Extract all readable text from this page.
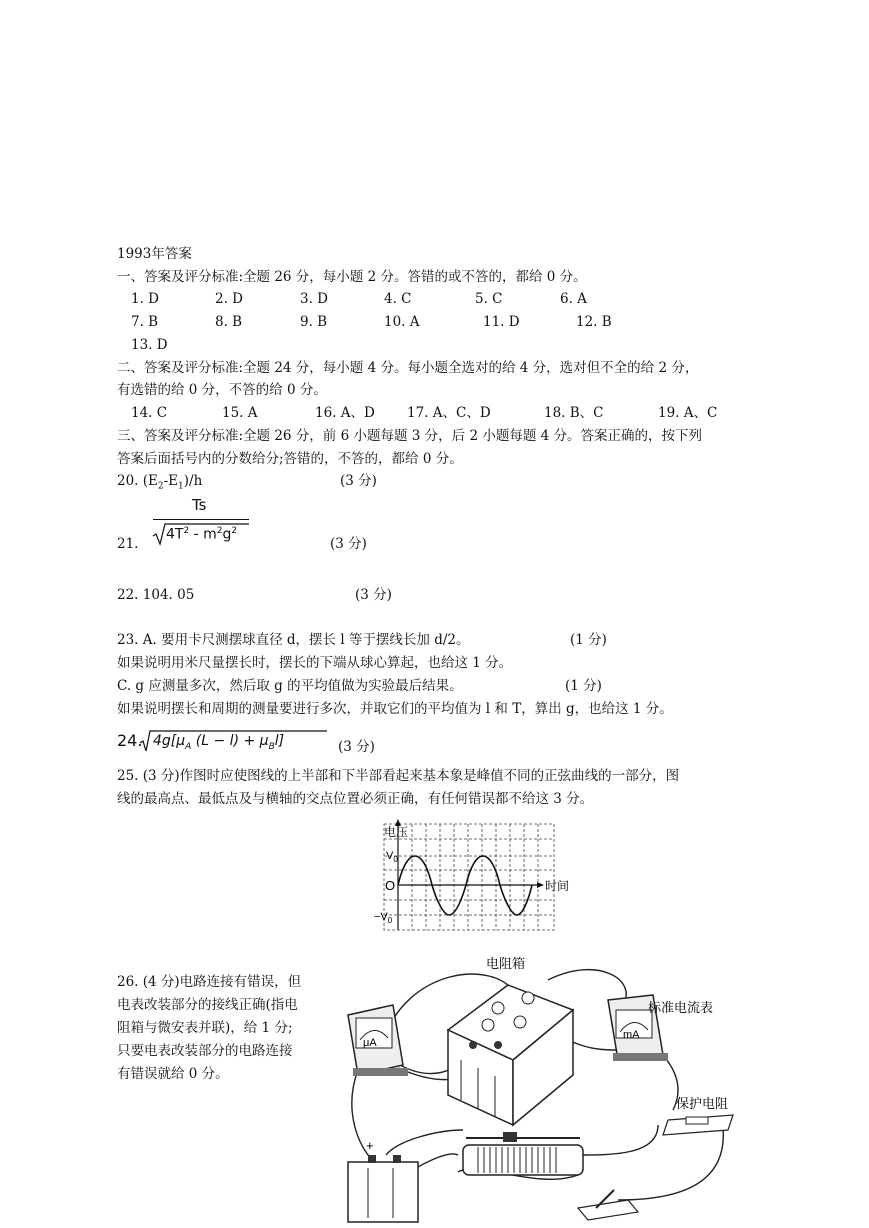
1993年答案
一、答案及评分标准:全题 26 分，每小题 2 分。答错的或不答的，都给 0 分。
1. D	2. D	3. D	4. C	5. C	6. A
7. B	8. B	9. B	10. A	11. D	12. B
13. D
二、答案及评分标准:全题 24 分，每小题 4 分。每小题全选对的给 4 分，选对但不全的给 2 分，
有选错的给 0 分，不答的给 0 分。
14. C	15. A	16. A、D 17. A、C、D	18. B、C	19. A、C
三、答案及评分标准:全题 26 分，前 6 小题每题 3 分，后 2 小题每题 4 分。答案正确的，按下列
答案后面括号内的分数给分;答错的，不答的，都给 0 分。
20. $(E_2-E_1)/h$	(3 分)
21.
Ts
$4T^2 - m^2g^2$
(3 分)
22. 104. 05	(3 分)
23. A. 要用卡尺测摆球直径 d，摆长 l 等于摆线长加 d/2。	(1 分)
如果说明用米尺量摆长时，摆长的下端从球心算起，也给这 1 分。
C. g 应测量多次，然后取 g 的平均值做为实验最后结果。	(1 分)
如果说明摆长和周期的测量要进行多次，并取它们的平均值为 l 和 T，算出 g，也给这 1 分。
24. $4g[\mu_A$ $(L - l) + \mu_Bl$]	(3 分)
25. (3 分)作图时应使图线的上半部和下半部看起来基本象是峰值不同的正弦曲线的一部分，图
线的最高点、最低点及与横轴的交点位置必须正确，有任何错误都不给这 3 分。
电压
$V_0$
O	时间
$-V_0$
26. (4 分)电路连接有错误，但
电表改装部分的接线正确(指电
阻箱与微安表并联)，给 1 分;
只要电表改装部分的电路连接
有错误就给 0 分。
电阻箱
μA
mA
标准电流表
保护电阻
+
